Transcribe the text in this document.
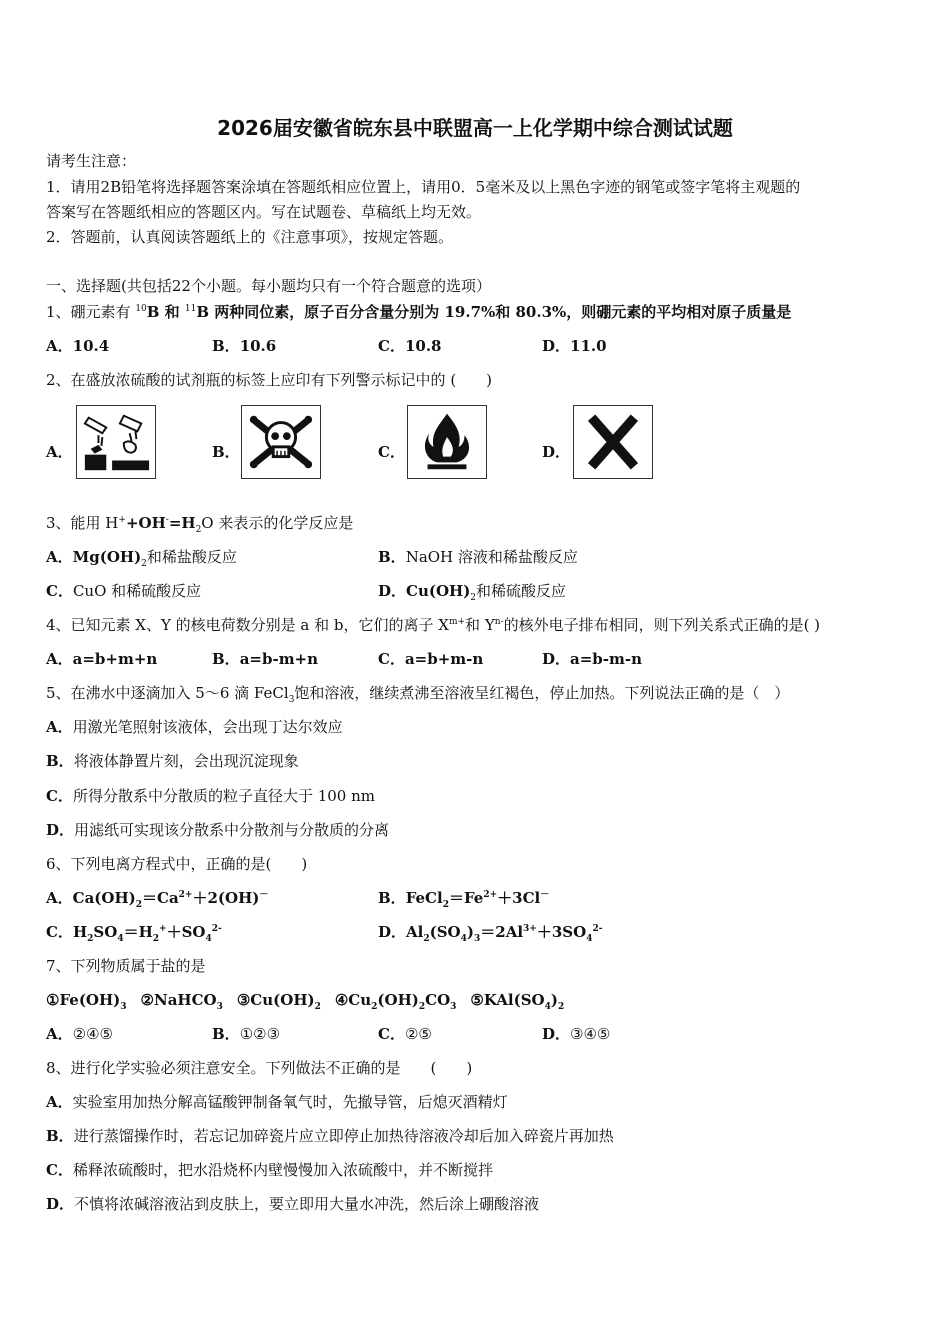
2026届安徽省皖东县中联盟高一上化学期中综合测试试题
请考生注意：
1．请用2B铅笔将选择题答案涂填在答题纸相应位置上，请用0．5毫米及以上黑色字迹的钢笔或签字笔将主观题的
答案写在答题纸相应的答题区内。写在试题卷、草稿纸上均无效。
2．答题前，认真阅读答题纸上的《注意事项》，按规定答题。
一、选择题(共包括22个小题。每小题均只有一个符合题意的选项）
1、硼元素有 $^{10}$B 和 $^{11}$B 两种同位素，原子百分含量分别为 19.7%和 80.3%，则硼元素的平均相对原子质量是
A．10.4	B．10.6	C．10.8	D．11.0
2、在盛放浓硫酸的试剂瓶的标签上应印有下列警示标记中的 (　　)
A．	B．	C．	D．
3、能用 $H^++OH^-=H_2O$ 来表示的化学反应是
A．$Mg(OH)_2$和稀盐酸反应	B．NaOH 溶液和稀盐酸反应
C．CuO 和稀硫酸反应	D．$Cu(OH)_2$和稀硫酸反应
4、已知元素 X、Y 的核电荷数分别是 a 和 b，它们的离子 $X^{m+}$和 $Y^{n-}$的核外电子排布相同，则下列关系式正确的是( )
A．a=b+m+n	B．a=b-m+n	C．a=b+m-n	D．a=b-m-n
5、在沸水中逐滴加入 5～6 滴 FeCl$_3$饱和溶液，继续煮沸至溶液呈红褐色，停止加热。下列说法正确的是（　）
A．用激光笔照射该液体，会出现丁达尔效应
B．将液体静置片刻，会出现沉淀现象
C．所得分散系中分散质的粒子直径大于 100 nm
D．用滤纸可实现该分散系中分散剂与分散质的分离
6、下列电离方程式中，正确的是(　　)
A．$Ca(OH)_2=Ca^{2+}+2(OH)^-$	B．$FeCl_2=Fe^{2+}+3Cl^-$
C．$H_2SO_4=H_2^++SO_4^{2-}$	D．$Al_2(SO_4)_3=2Al^{3+}+3SO_4^{2-}$
7、下列物质属于盐的是
$①Fe(OH)_3$ ②NaHCO$_3$ $③Cu(OH)_2$ $④Cu_2(OH)_2CO_3$ $⑤KAl(SO_4)_2$
A．②④⑤	B．①②③	C．②⑤	D．③④⑤
8、进行化学实验必须注意安全。下列做法不正确的是　　(　　)
A．实验室用加热分解高锰酸钾制备氧气时，先撤导管，后熄灭酒精灯
B．进行蒸馏操作时，若忘记加碎瓷片应立即停止加热待溶液冷却后加入碎瓷片再加热
C．稀释浓硫酸时，把水沿烧杯内壁慢慢加入浓硫酸中，并不断搅拌
D．不慎将浓碱溶液沾到皮肤上，要立即用大量水冲洗，然后涂上硼酸溶液
